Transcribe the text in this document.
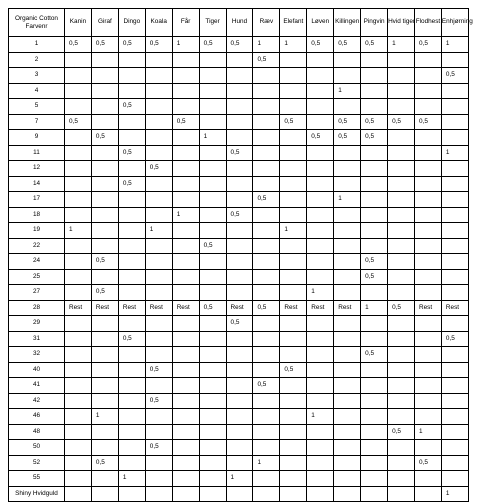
Organic Cotton Farvenr	Kanin	Giraf	Dingo	Koala	Får	Tiger	Hund	Ræv	Elefant	Løven	Killingen	Pingvin	Hvid tiger	Flodhest	Enhjørning
1	0,5	0,5	0,5	0,5	1	0,5	0,5	1	1	0,5	0,5	0,5	1	0,5	1
2								0,5							
3															0,5
4											1				
5			0,5												
7	0,5				0,5				0,5		0,5	0,5	0,5	0,5	
9		0,5				1				0,5	0,5	0,5			
11			0,5				0,5								1
12				0,5											
14			0,5												
17								0,5			1				
18					1		0,5								
19	1			1					1						
22						0,5									
24		0,5										0,5			
25												0,5			
27		0,5								1					
28	Rest	Rest	Rest	Rest	Rest	0,5	Rest	0,5	Rest	Rest	Rest	1	0,5	Rest	Rest
29							0,5								
31			0,5												0,5
32												0,5			
40				0,5					0,5						
41								0,5							
42				0,5											
46		1								1					
48													0,5	1	
50				0,5											
52		0,5						1						0,5	
55			1				1								
Shiny Hvidguld															1
